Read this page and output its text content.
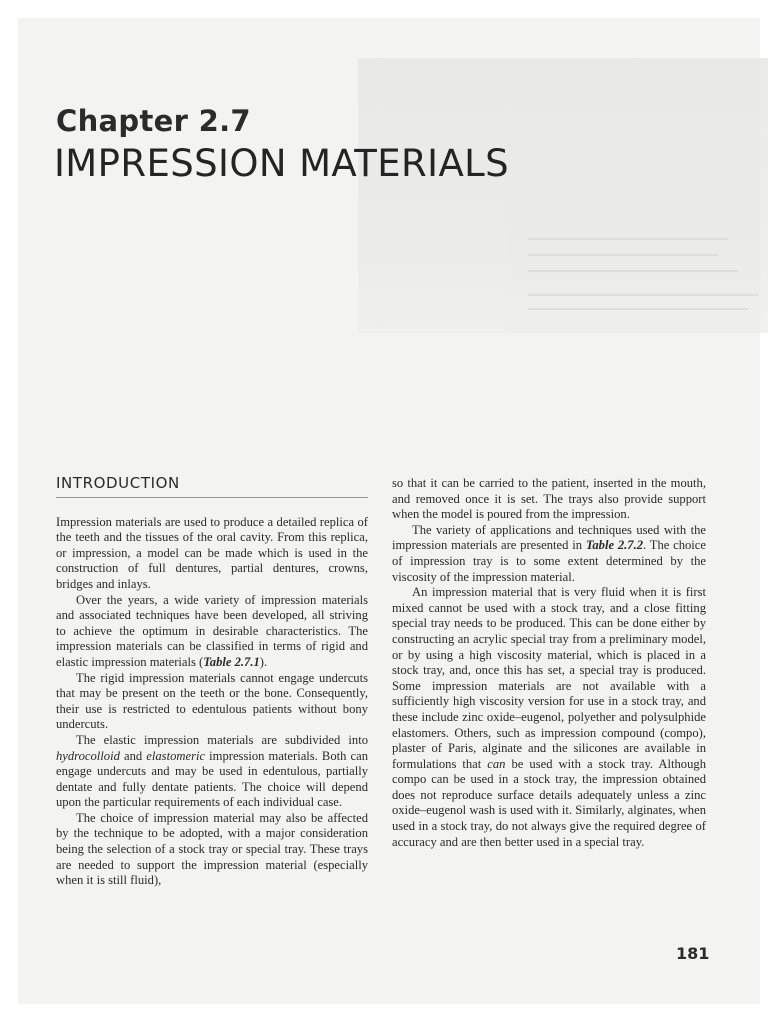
Chapter 2.7
IMPRESSION MATERIALS
INTRODUCTION

Impression materials are used to produce a detailed replica of the teeth and the tissues of the oral cavity. From this replica, or impression, a model can be made which is used in the construction of full dentures, partial dentures, crowns, bridges and inlays.

Over the years, a wide variety of impression materials and associated techniques have been developed, all striving to achieve the optimum in desirable characteristics. The impression materials can be classified in terms of rigid and elastic impression materials (Table 2.7.1).

The rigid impression materials cannot engage undercuts that may be present on the teeth or the bone. Consequently, their use is restricted to edentulous patients without bony undercuts.

The elastic impression materials are subdivided into hydrocolloid and elastomeric impression materials. Both can engage undercuts and may be used in edentulous, partially dentate and fully dentate patients. The choice will depend upon the particular requirements of each individual case.

The choice of impression material may also be affected by the technique to be adopted, with a major consideration being the selection of a stock tray or special tray. These trays are needed to support the impression material (especially when it is still fluid),

so that it can be carried to the patient, inserted in the mouth, and removed once it is set. The trays also provide support when the model is poured from the impression.

The variety of applications and techniques used with the impression materials are presented in Table 2.7.2. The choice of impression tray is to some extent determined by the viscosity of the impression material.

An impression material that is very fluid when it is first mixed cannot be used with a stock tray, and a close fitting special tray needs to be produced. This can be done either by constructing an acrylic special tray from a preliminary model, or by using a high viscosity material, which is placed in a stock tray, and, once this has set, a special tray is produced. Some impression materials are not available with a sufficiently high viscosity version for use in a stock tray, and these include zinc oxide–eugenol, polyether and polysulphide elastomers. Others, such as impression compound (compo), plaster of Paris, alginate and the silicones are available in formulations that can be used with a stock tray. Although compo can be used in a stock tray, the impression obtained does not reproduce surface details adequately unless a zinc oxide–eugenol wash is used with it. Similarly, alginates, when used in a stock tray, do not always give the required degree of accuracy and are then better used in a special tray.

181
